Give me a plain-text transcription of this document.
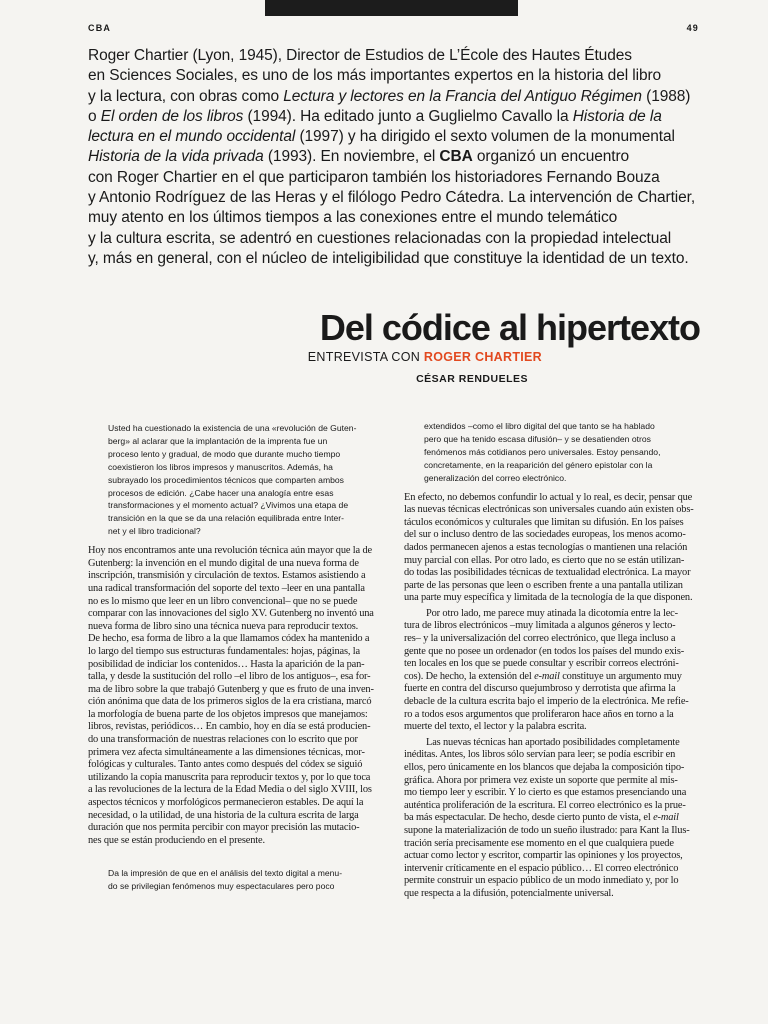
CBA	49

Roger Chartier (Lyon, 1945), Director de Estudios de L’École des Hautes Études
en Sciences Sociales, es uno de los más importantes expertos en la historia del libro
y la lectura, con obras como Lectura y lectores en la Francia del Antiguo Régimen (1988)
o El orden de los libros (1994). Ha editado junto a Guglielmo Cavallo la Historia de la
lectura en el mundo occidental (1997) y ha dirigido el sexto volumen de la monumental
Historia de la vida privada (1993). En noviembre, el CBA organizó un encuentro
con Roger Chartier en el que participaron también los historiadores Fernando Bouza
y Antonio Rodríguez de las Heras y el filólogo Pedro Cátedra. La intervención de Chartier,
muy atento en los últimos tiempos a las conexiones entre el mundo telemático
y la cultura escrita, se adentró en cuestiones relacionadas con la propiedad intelectual
y, más en general, con el núcleo de inteligibilidad que constituye la identidad de un texto.

Del códice al hipertexto
ENTREVISTA CON ROGER CHARTIER
CÉSAR RENDUELES

Usted ha cuestionado la existencia de una «revolución de Guten-
berg» al aclarar que la implantación de la imprenta fue un
proceso lento y gradual, de modo que durante mucho tiempo
coexistieron los libros impresos y manuscritos. Además, ha
subrayado los procedimientos técnicos que comparten ambos
procesos de edición. ¿Cabe hacer una analogía entre esas
transformaciones y el momento actual? ¿Vivimos una etapa de
transición en la que se da una relación equilibrada entre Inter-
net y el libro tradicional?

Hoy nos encontramos ante una revolución técnica aún mayor que la de
Gutenberg: la invención en el mundo digital de una nueva forma de
inscripción, transmisión y circulación de textos. Estamos asistiendo a
una radical transformación del soporte del texto –leer en una pantalla
no es lo mismo que leer en un libro convencional– que no se puede
comparar con las innovaciones del siglo XV. Gutenberg no inventó una
nueva forma de libro sino una técnica nueva para reproducir textos.
De hecho, esa forma de libro a la que llamamos códex ha mantenido a
lo largo del tiempo sus estructuras fundamentales: hojas, páginas, la
posibilidad de indiciar los contenidos… Hasta la aparición de la pan-
talla, y desde la sustitución del rollo –el libro de los antiguos–, esa for-
ma de libro sobre la que trabajó Gutenberg y que es fruto de una inven-
ción anónima que data de los primeros siglos de la era cristiana, marcó
la morfología de buena parte de los objetos impresos que manejamos:
libros, revistas, periódicos… En cambio, hoy en día se está producien-
do una transformación de nuestras relaciones con lo escrito que por
primera vez afecta simultáneamente a las dimensiones técnicas, mor-
fológicas y culturales. Tanto antes como después del códex se siguió
utilizando la copia manuscrita para reproducir textos y, por lo que toca
a las revoluciones de la lectura de la Edad Media o del siglo XVIII, los
aspectos técnicos y morfológicos permanecieron estables. De aquí la
necesidad, o la utilidad, de una historia de la cultura escrita de larga
duración que nos permita percibir con mayor precisión las mutacio-
nes que se están produciendo en el presente.

Da la impresión de que en el análisis del texto digital a menu-
do se privilegian fenómenos muy espectaculares pero poco

extendidos –como el libro digital del que tanto se ha hablado
pero que ha tenido escasa difusión– y se desatienden otros
fenómenos más cotidianos pero universales. Estoy pensando,
concretamente, en la reaparición del género epistolar con la
generalización del correo electrónico.

En efecto, no debemos confundir lo actual y lo real, es decir, pensar que
las nuevas técnicas electrónicas son universales cuando aún existen obs-
táculos económicos y culturales que limitan su difusión. En los países
del sur o incluso dentro de las sociedades europeas, los menos acomo-
dados permanecen ajenos a estas tecnologías o mantienen una relación
muy parcial con ellas. Por otro lado, es cierto que no se están utilizan-
do todas las posibilidades técnicas de textualidad electrónica. La mayor
parte de las personas que leen o escriben frente a una pantalla utilizan
una parte muy específica y limitada de la tecnología de la que disponen.

Por otro lado, me parece muy atinada la dicotomía entre la lec-
tura de libros electrónicos –muy limitada a algunos géneros y lecto-
res– y la universalización del correo electrónico, que llega incluso a
gente que no posee un ordenador (en todos los países del mundo exis-
ten locales en los que se puede consultar y escribir correos electróni-
cos). De hecho, la extensión del e-mail constituye un argumento muy
fuerte en contra del discurso quejumbroso y derrotista que afirma la
debacle de la cultura escrita bajo el imperio de la electrónica. Me refie-
ro a todos esos argumentos que proliferaron hace años en torno a la
muerte del texto, el lector y la palabra escrita.

Las nuevas técnicas han aportado posibilidades completamente
inéditas. Antes, los libros sólo servían para leer; se podía escribir en
ellos, pero únicamente en los blancos que dejaba la composición tipo-
gráfica. Ahora por primera vez existe un soporte que permite al mis-
mo tiempo leer y escribir. Y lo cierto es que estamos presenciando una
auténtica proliferación de la escritura. El correo electrónico es la prue-
ba más espectacular. De hecho, desde cierto punto de vista, el e-mail
supone la materialización de todo un sueño ilustrado: para Kant la Ilus-
tración sería precisamente ese momento en el que cualquiera puede
actuar como lector y escritor, compartir las opiniones y los proyectos,
intervenir críticamente en el espacio público… El correo electrónico
permite construir un espacio público de un modo inmediato y, por lo
que respecta a la difusión, potencialmente universal.
